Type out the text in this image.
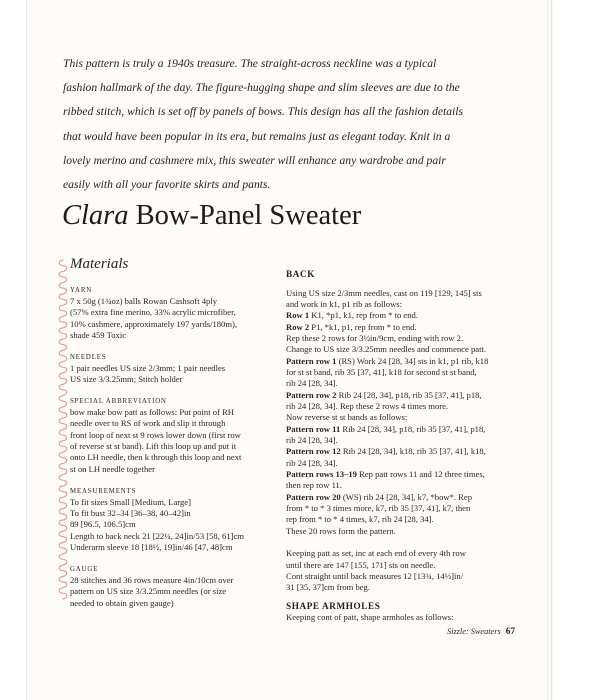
This pattern is truly a 1940s treasure. The straight-across neckline was a typical fashion hallmark of the day. The figure-hugging shape and slim sleeves are due to the ribbed stitch, which is set off by panels of bows. This design has all the fashion details that would have been popular in its era, but remains just as elegant today. Knit in a lovely merino and cashmere mix, this sweater will enhance any wardrobe and pair easily with all your favorite skirts and pants.

Clara Bow-Panel Sweater
Materials

YARN

7 x 50g (1¾oz) balls Rowan Cashsoft 4ply
(57% extra fine merino, 33% acrylic microfiber,
10% cashmere, approximately 197 yards/180m),
shade 459 Toxic

NEEDLES

1 pair needles US size 2/3mm; 1 pair needles
US size 3/3.25mm; Stitch holder

SPECIAL ABBREVIATION

bow make bow patt as follows: Put point of RH
needle over to RS of work and slip it through
front loop of next st 9 rows lower down (first row
of reverse st st band). Lift this loop up and put it
onto LH needle, then k through this loop and next
st on LH needle together

MEASUREMENTS

To fit sizes Small [Medium, Large]
To fit bust 32–34 [36–38, 40–42]in
89 [96.5, 106.5]cm
Length to back neck 21 [22¼, 24]in/53 [58, 61]cm
Underarm sleeve 18 [18½, 19]in/46 [47, 48]cm

GAUGE

28 stitches and 36 rows measure 4in/10cm over
pattern on US size 3/3.25mm needles (or size
needed to obtain given gauge)

BACK

Using US size 2/3mm needles, cast on 119 [129, 145] sts
and work in k1, p1 rib as follows:
Row 1 K1, *p1, k1, rep from * to end.
Row 2 P1, *k1, p1, rep from * to end.
Rep these 2 rows for 3½in/9cm, ending with row 2.
Change to US size 3/3.25mm needles and commence patt.
Pattern row 1 (RS) Work 24 [28, 34] sts in k1, p1 rib, k18
for st st band, rib 35 [37, 41], k18 for second st st band,
rib 24 [28, 34].
Pattern row 2 Rib 24 [28, 34], p18, rib 35 [37, 41], p18,
rib 24 [28, 34]. Rep these 2 rows 4 times more.
Now reverse st st bands as follows:
Pattern row 11 Rib 24 [28, 34], p18, rib 35 [37, 41], p18,
rib 24 [28, 34].
Pattern row 12 Rib 24 [28, 34], k18, rib 35 [37, 41], k18,
rib 24 [28, 34].
Pattern rows 13–19 Rep patt rows 11 and 12 three times,
then rep row 11.
Pattern row 20 (WS) rib 24 [28, 34], k7, *bow*. Rep
from * to * 3 times more, k7, rib 35 [37, 41], k7, then
rep from * to * 4 times, k7, rib 24 [28, 34].
These 20 rows form the pattern.
Keeping patt as set, inc at each end of every 4th row
until there are 147 [155, 171] sts on needle.
Cont straight until back measures 12 [13¾, 14½]in/
31 [35, 37]cm from beg.

SHAPE ARMHOLES

Keeping cont of patt, shape armholes as follows:
Sizzle: Sweaters 67
